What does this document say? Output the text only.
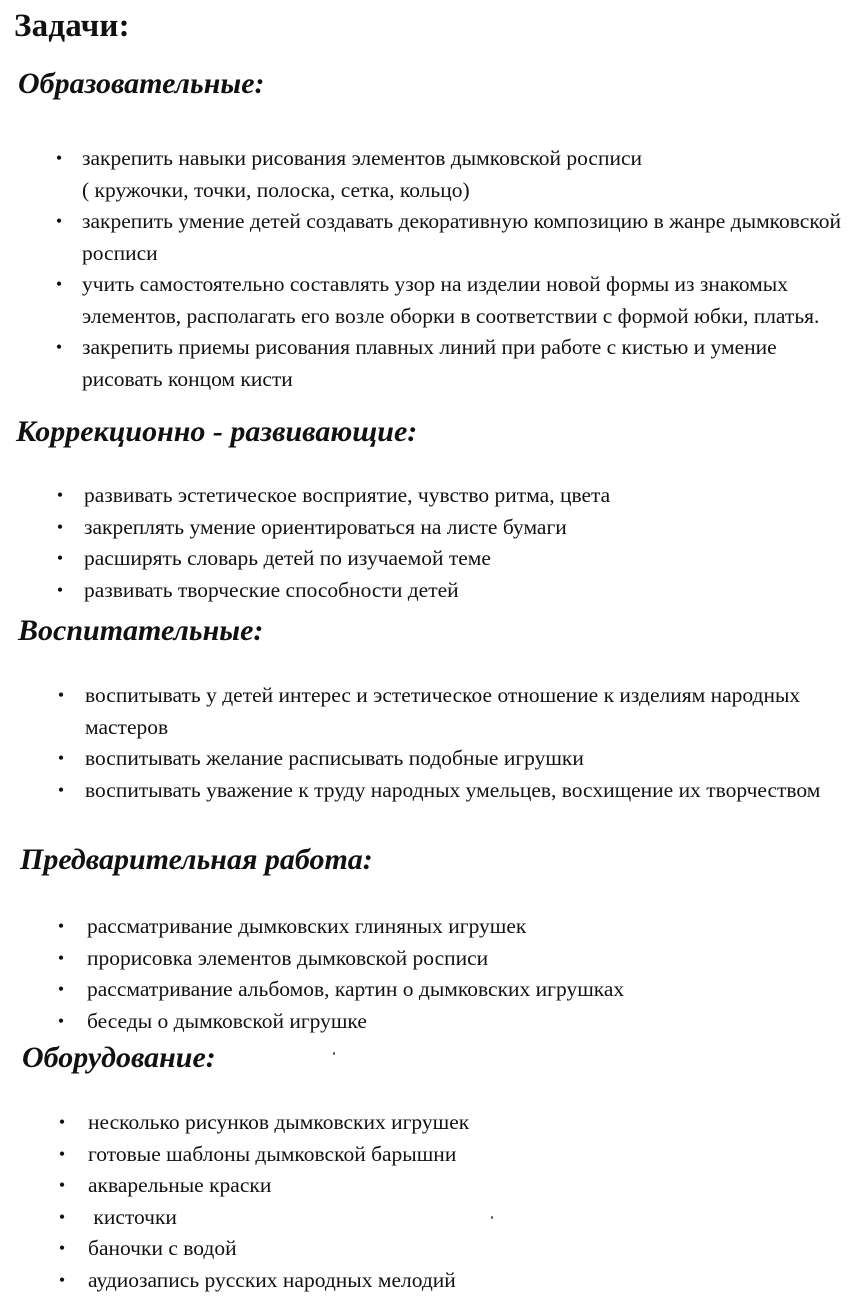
Задачи:
Образовательные:
• закрепить навыки рисования элементов дымковской росписи
( кружочки, точки, полоска, сетка, кольцо)
• закрепить умение детей создавать декоративную композицию в жанре дымковской росписи
• учить самостоятельно составлять узор на изделии новой формы из знакомых элементов, располагать его возле оборки в соответствии с формой юбки, платья.
• закрепить приемы рисования плавных линий при работе с кистью и умение рисовать концом кисти
Коррекционно - развивающие:
• развивать эстетическое восприятие, чувство ритма, цвета
• закреплять умение ориентироваться на листе бумаги
• расширять словарь детей по изучаемой теме
• развивать творческие способности детей
Воспитательные:
• воспитывать у детей интерес и эстетическое отношение к изделиям народных мастеров
• воспитывать желание расписывать подобные игрушки
• воспитывать уважение к труду народных умельцев, восхищение их творчеством
Предварительная работа:
•	рассматривание дымковских глиняных игрушек
•	прорисовка элементов дымковской росписи
•	рассматривание альбомов, картин о дымковских игрушках
•	беседы о дымковской игрушке
Оборудование:
•	несколько рисунков дымковских игрушек
•	готовые шаблоны дымковской барышни
•	акварельные краски
•	кисточки
•	баночки с водой
•	аудиозапись русских народных мелодий
